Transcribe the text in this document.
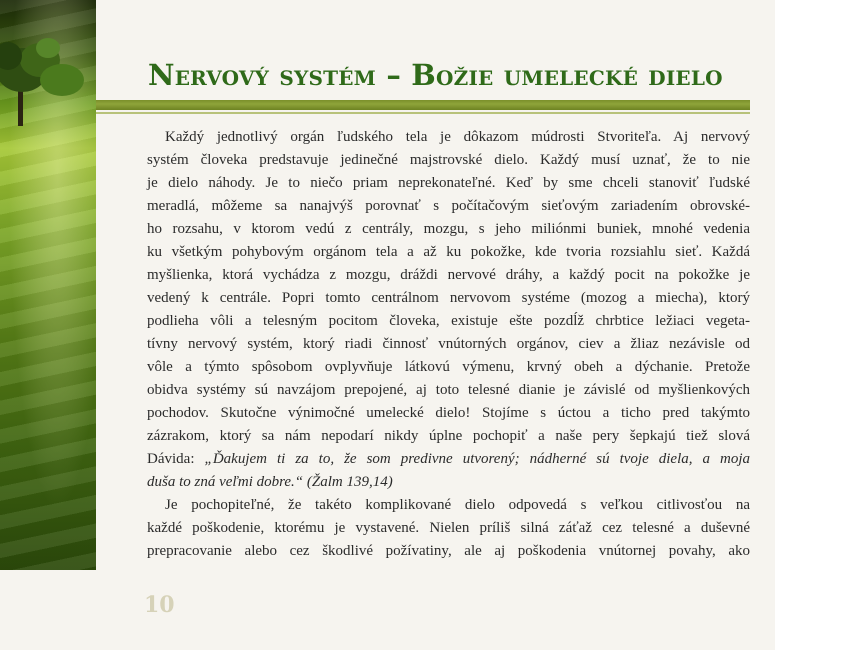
Nervový systém – Božie umelecké dielo
Každý jednotlivý orgán ľudského tela je dôkazom múdrosti Stvoriteľa. Aj nervový
systém človeka predstavuje jedinečné majstrovské dielo. Každý musí uznať, že to nie
je dielo náhody. Je to niečo priam neprekonateľné. Keď by sme chceli stanoviť ľudské
meradlá, môžeme sa nanajvýš porovnať s počítačovým sieťovým zariadením obrovské-
ho rozsahu, v ktorom vedú z centrály, mozgu, s jeho miliónmi buniek, mnohé vedenia
ku všetkým pohybovým orgánom tela a až ku pokožke, kde tvoria rozsiahlu sieť. Každá
myšlienka, ktorá vychádza z mozgu, dráždi nervové dráhy, a každý pocit na pokožke je
vedený k centrále. Popri tomto centrálnom nervovom systéme (mozog a miecha), ktorý
podlieha vôli a telesným pocitom človeka, existuje ešte pozdĺž chrbtice ležiaci vegeta-
tívny nervový systém, ktorý riadi činnosť vnútorných orgánov, ciev a žliaz nezávisle od
vôle a týmto spôsobom ovplyvňuje látkovú výmenu, krvný obeh a dýchanie. Pretože
obidva systémy sú navzájom prepojené, aj toto telesné dianie je závislé od myšlienkových
pochodov. Skutočne výnimočné umelecké dielo! Stojíme s úctou a ticho pred takýmto
zázrakom, ktorý sa nám nepodarí nikdy úplne pochopiť a naše pery šepkajú tiež slová
Dávida: „Ďakujem ti za to, že som predivne utvorený; nádherné sú tvoje diela, a moja
duša to zná veľmi dobre.“ (Žalm 139,14)
Je pochopiteľné, že takéto komplikované dielo odpovedá s veľkou citlivosťou na
každé poškodenie, ktorému je vystavené. Nielen príliš silná záťaž cez telesné a duševné
prepracovanie alebo cez škodlivé požívatiny, ale aj poškodenia vnútornej povahy, ako
10
